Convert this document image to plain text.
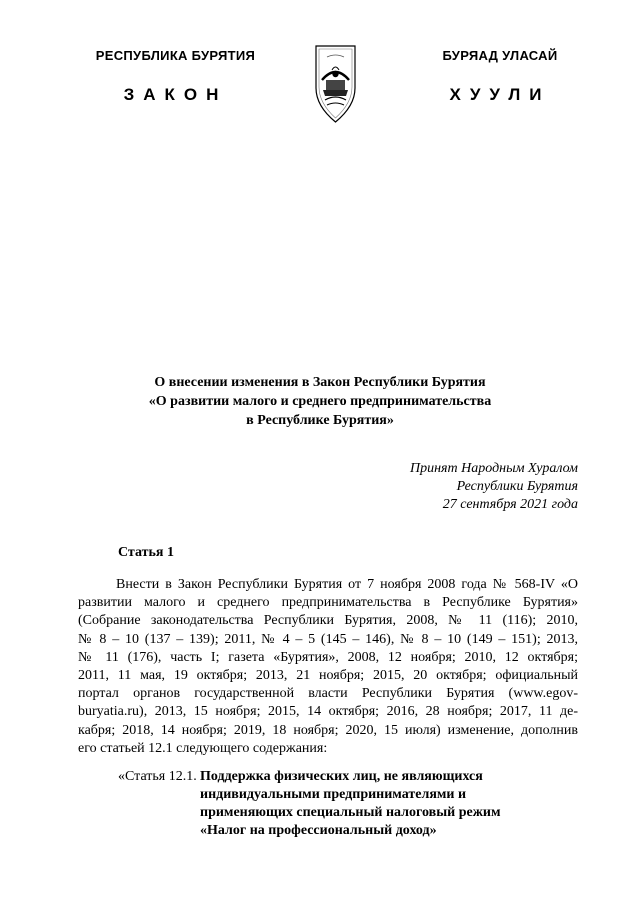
РЕСПУБЛИКА БУРЯТИЯ
ЗАКОН
БУРЯАД УЛАСАЙ
ХУУЛИ
О внесении изменения в Закон Республики Бурятия
«О развитии малого и среднего предпринимательства
в Республике Бурятия»
Принят Народным Хуралом
Республики Бурятия
27 сентября 2021 года
Статья 1
Внести в Закон Республики Бурятия от 7 ноября 2008 года № 568-IV «О
развитии малого и среднего предпринимательства в Республике Бурятия»
(Собрание законодательства Республики Бурятия, 2008, № 11 (116); 2010,
№ 8 – 10 (137 – 139); 2011, № 4 – 5 (145 – 146), № 8 – 10 (149 – 151); 2013,
№ 11 (176), часть I; газета «Бурятия», 2008, 12 ноября; 2010, 12 октября;
2011, 11 мая, 19 октября; 2013, 21 ноября; 2015, 20 октября; официальный
портал органов государственной власти Республики Бурятия (www.egov-
buryatia.ru), 2013, 15 ноября; 2015, 14 октября; 2016, 28 ноября; 2017, 11 де-
кабря; 2018, 14 ноября; 2019, 18 ноября; 2020, 15 июля) изменение, дополнив
его статьей 12.1 следующего содержания:
«Статья 12.1. Поддержка физических лиц, не являющихся
индивидуальными предпринимателями и
применяющих специальный налоговый режим
«Налог на профессиональный доход»
